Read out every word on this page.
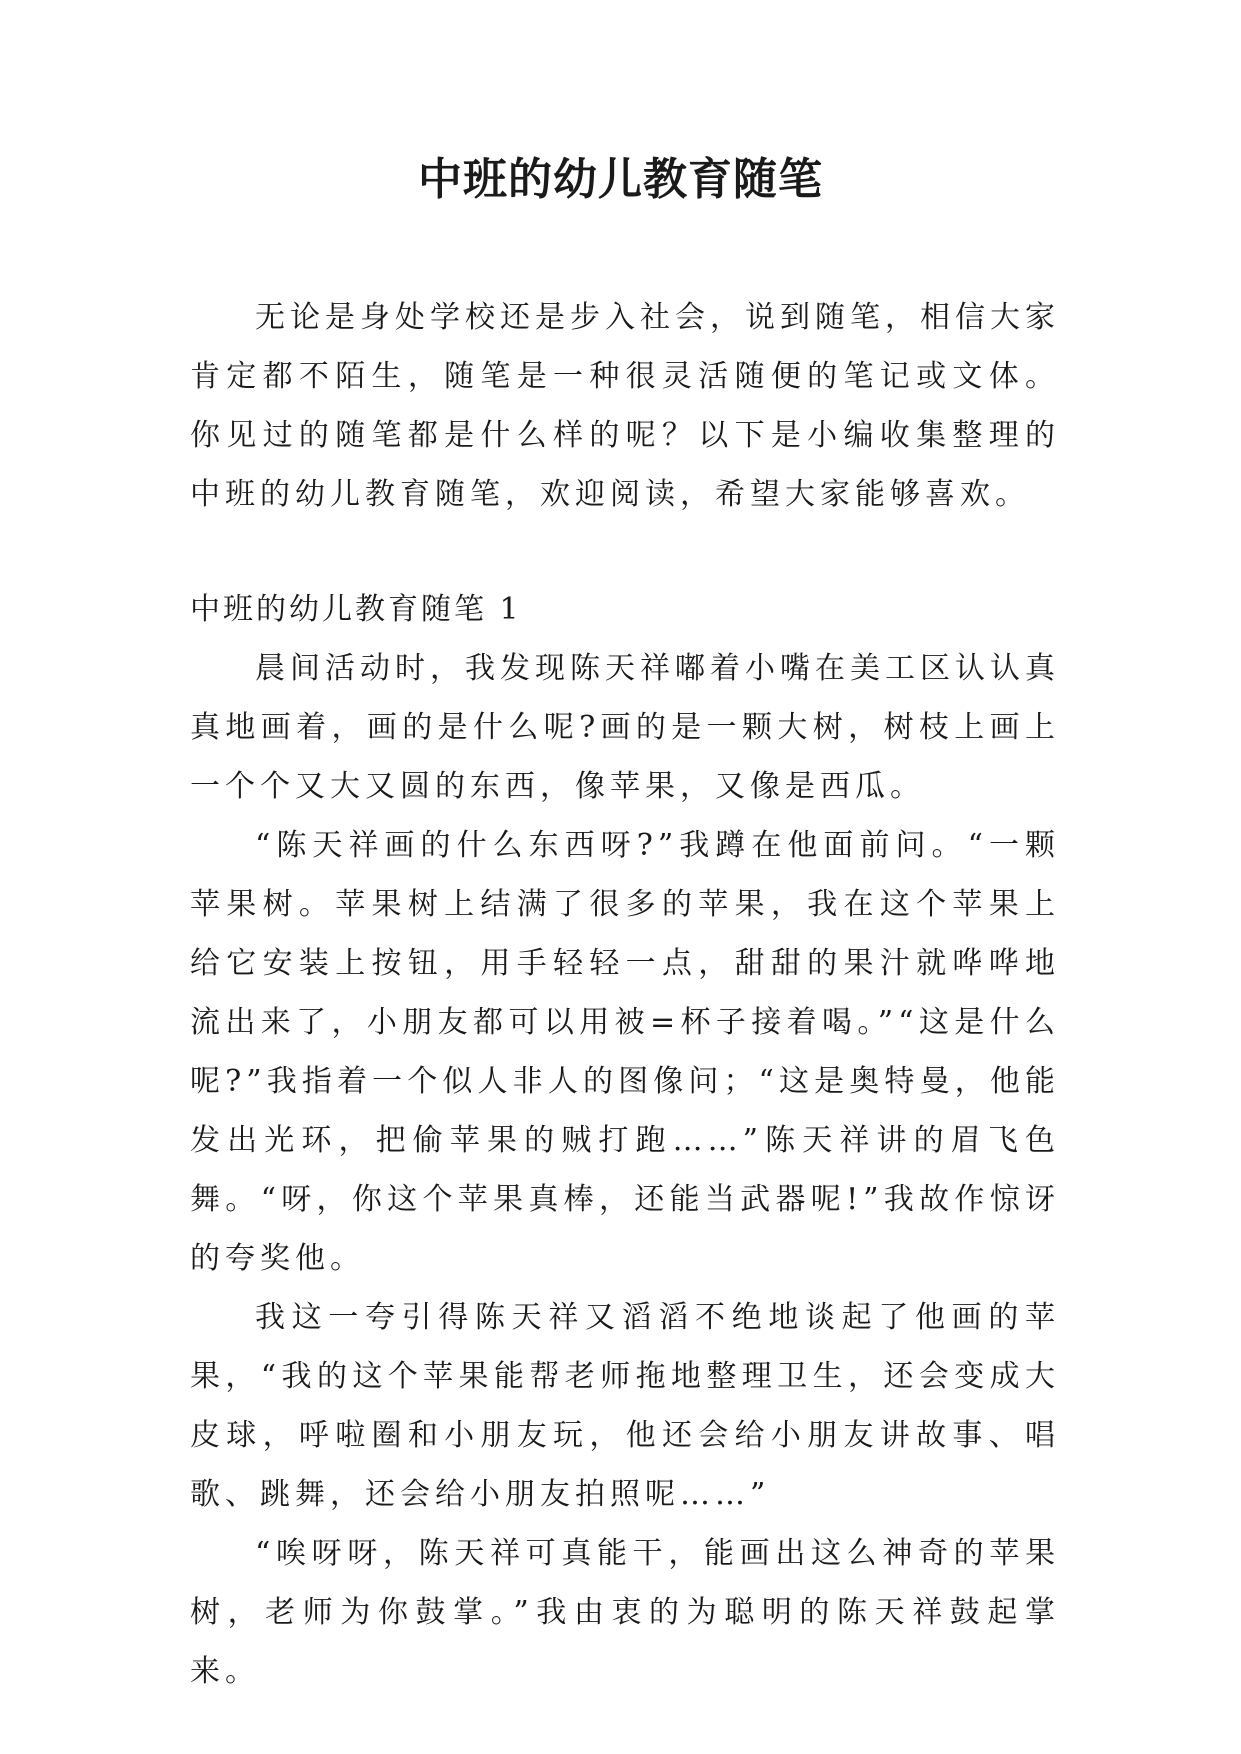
中班的幼儿教育随笔

无论是身处学校还是步入社会，说到随笔，相信大家肯定都不陌生，随笔是一种很灵活随便的笔记或文体。你见过的随笔都是什么样的呢？以下是小编收集整理的中班的幼儿教育随笔，欢迎阅读，希望大家能够喜欢。

中班的幼儿教育随笔 1

晨间活动时，我发现陈天祥嘟着小嘴在美工区认认真真地画着，画的是什么呢?画的是一颗大树，树枝上画上一个个又大又圆的东西，像苹果，又像是西瓜。

“陈天祥画的什么东西呀?”我蹲在他面前问。“一颗苹果树。苹果树上结满了很多的苹果，我在这个苹果上给它安装上按钮，用手轻轻一点，甜甜的果汁就哗哗地流出来了，小朋友都可以用被=杯子接着喝。”“这是什么呢?”我指着一个似人非人的图像问；“这是奥特曼，他能发出光环，把偷苹果的贼打跑……”陈天祥讲的眉飞色舞。“呀，你这个苹果真棒，还能当武器呢!”我故作惊讶的夸奖他。

我这一夸引得陈天祥又滔滔不绝地谈起了他画的苹果，“我的这个苹果能帮老师拖地整理卫生，还会变成大皮球，呼啦圈和小朋友玩，他还会给小朋友讲故事、唱歌、跳舞，还会给小朋友拍照呢……”

“唉呀呀，陈天祥可真能干，能画出这么神奇的苹果树，老师为你鼓掌。”我由衷的为聪明的陈天祥鼓起掌来。
